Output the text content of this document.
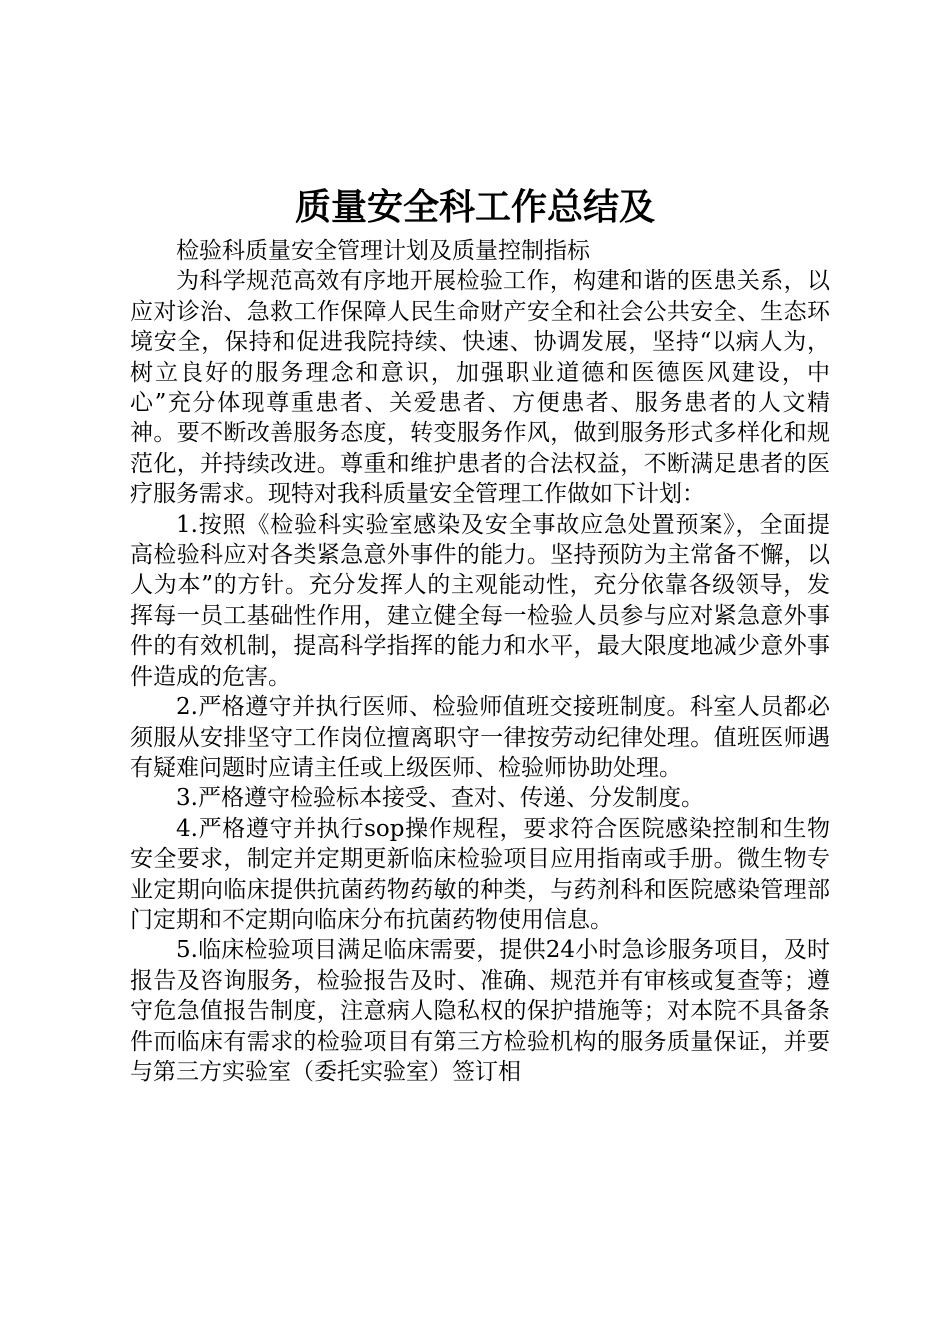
质量安全科工作总结及

检验科质量安全管理计划及质量控制指标

为科学规范高效有序地开展检验工作，构建和谐的医患关系，以应对诊治、急救工作保障人民生命财产安全和社会公共安全、生态环境安全，保持和促进我院持续、快速、协调发展，坚持“以病人为，树立良好的服务理念和意识，加强职业道德和医德医风建设，中心”充分体现尊重患者、关爱患者、方便患者、服务患者的人文精神。要不断改善服务态度，转变服务作风，做到服务形式多样化和规范化，并持续改进。尊重和维护患者的合法权益，不断满足患者的医疗服务需求。现特对我科质量安全管理工作做如下计划：

1.按照《检验科实验室感染及安全事故应急处置预案》，全面提高检验科应对各类紧急意外事件的能力。坚持预防为主常备不懈，以人为本”的方针。充分发挥人的主观能动性，充分依靠各级领导，发挥每一员工基础性作用，建立健全每一检验人员参与应对紧急意外事件的有效机制，提高科学指挥的能力和水平，最大限度地减少意外事件造成的危害。

2.严格遵守并执行医师、检验师值班交接班制度。科室人员都必须服从安排坚守工作岗位擅离职守一律按劳动纪律处理。值班医师遇有疑难问题时应请主任或上级医师、检验师协助处理。

3.严格遵守检验标本接受、查对、传递、分发制度。

4.严格遵守并执行sop操作规程，要求符合医院感染控制和生物安全要求，制定并定期更新临床检验项目应用指南或手册。微生物专业定期向临床提供抗菌药物药敏的种类，与药剂科和医院感染管理部门定期和不定期向临床分布抗菌药物使用信息。

5.临床检验项目满足临床需要，提供24小时急诊服务项目，及时报告及咨询服务，检验报告及时、准确、规范并有审核或复查等；遵守危急值报告制度，注意病人隐私权的保护措施等；对本院不具备条件而临床有需求的检验项目有第三方检验机构的服务质量保证，并要与第三方实验室（委托实验室）签订相
